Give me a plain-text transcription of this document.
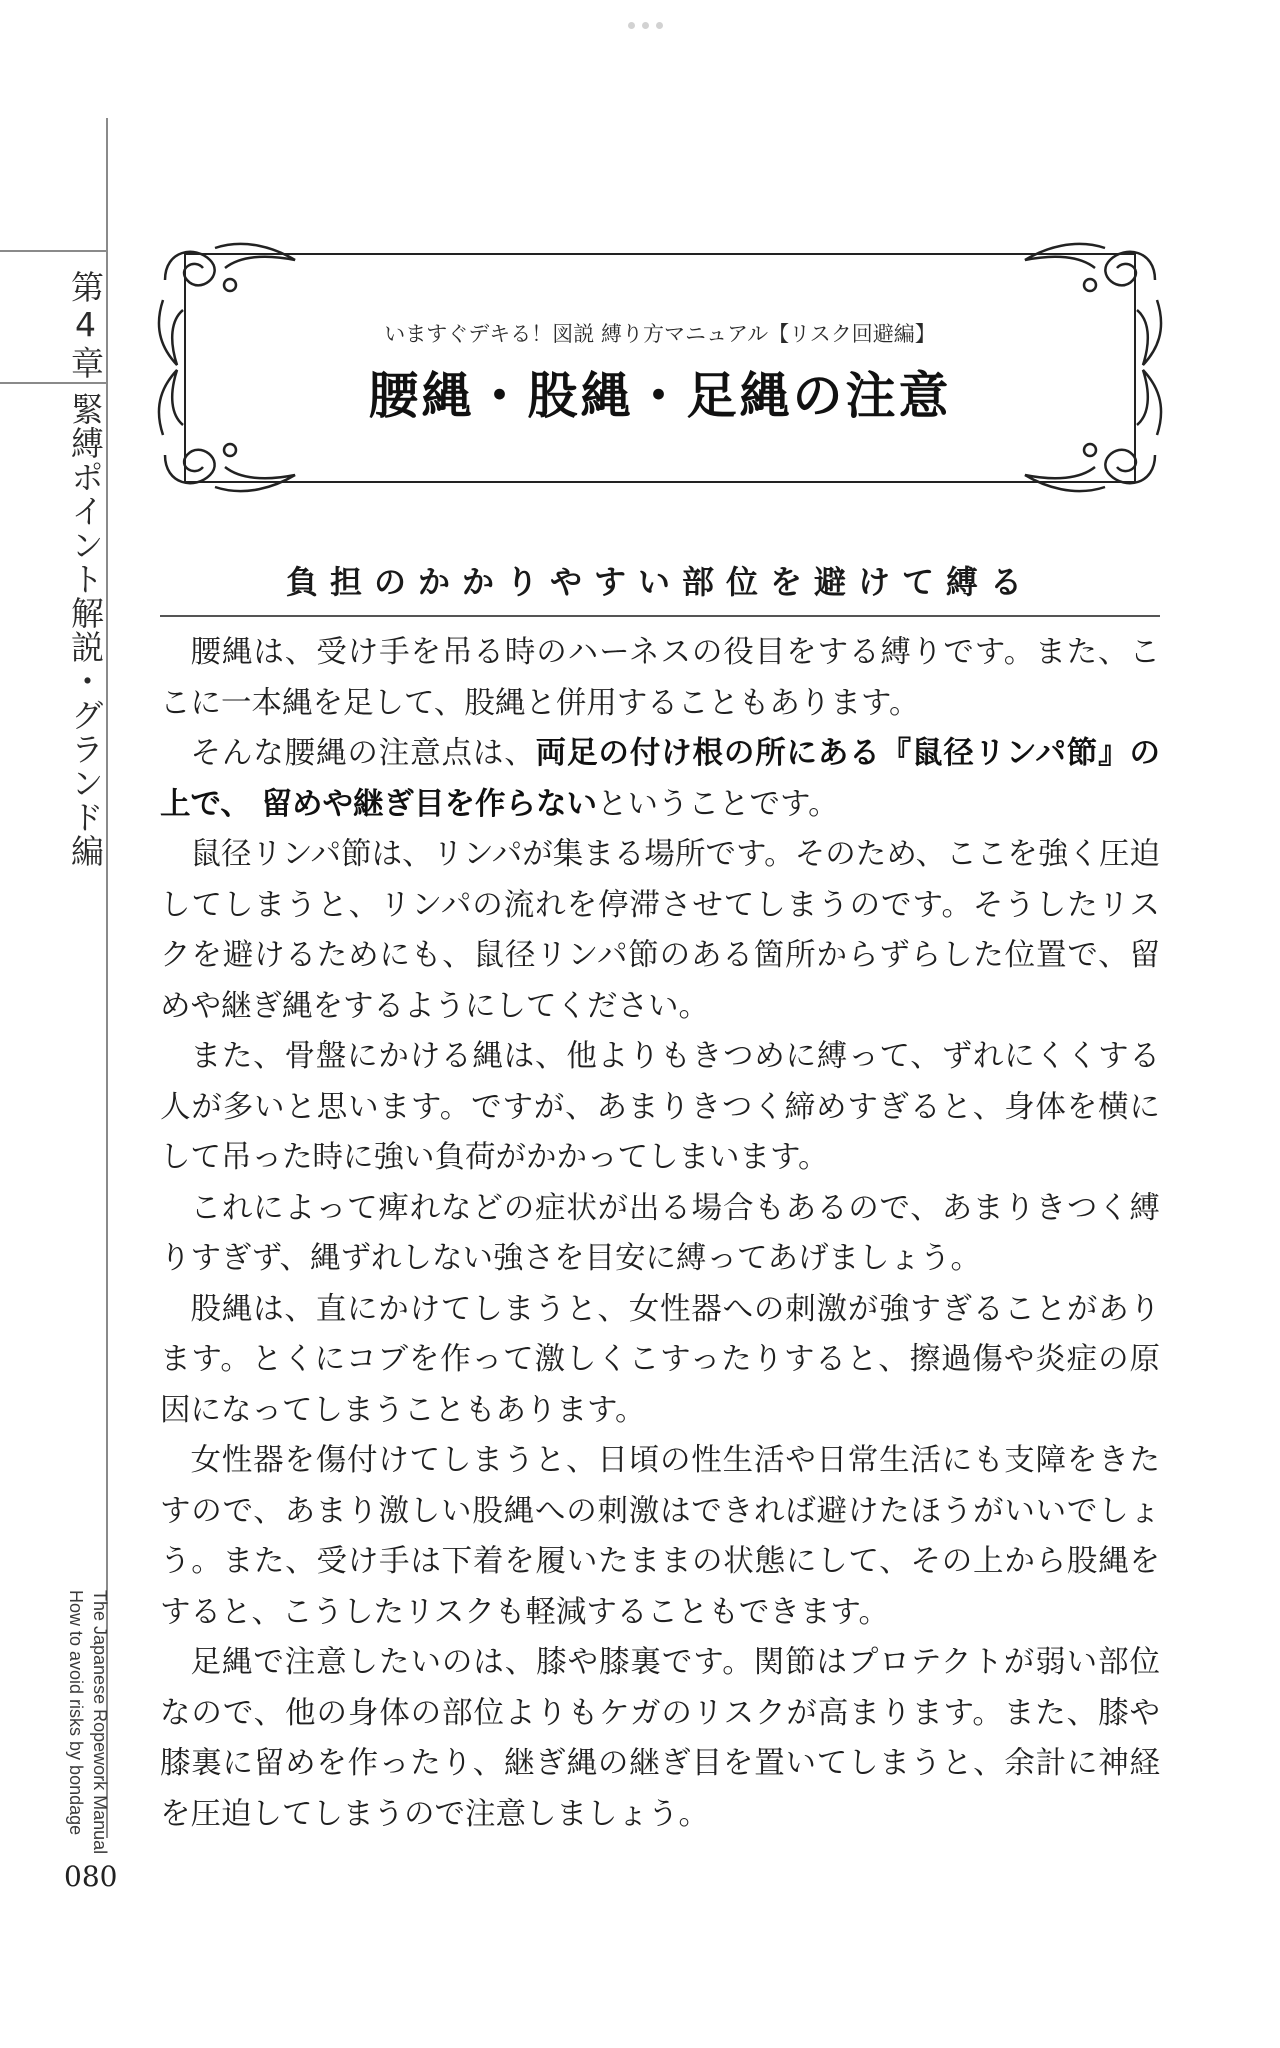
第4章
緊縛ポイント解説・グランド編
The Japanese Ropework Manual
How to avoid risks by bondage
いますぐデキる！図説 縛り方マニュアル【リスク回避編】
腰縄・股縄・足縄の注意
負担のかかりやすい部位を避けて縛る

腰縄は、受け手を吊る時のハーネスの役目をする縛りです。また、ここに一本縄を足して、股縄と併用することもあります。

そんな腰縄の注意点は、両足の付け根の所にある『鼠径リンパ節』の上で、 留めや継ぎ目を作らないということです。

鼠径リンパ節は、リンパが集まる場所です。そのため、ここを強く圧迫してしまうと、リンパの流れを停滞させてしまうのです。そうしたリスクを避けるためにも、鼠径リンパ節のある箇所からずらした位置で、留めや継ぎ縄をするようにしてください。

また、骨盤にかける縄は、他よりもきつめに縛って、ずれにくくする人が多いと思います。ですが、あまりきつく締めすぎると、身体を横にして吊った時に強い負荷がかかってしまいます。

これによって痺れなどの症状が出る場合もあるので、あまりきつく縛りすぎず、縄ずれしない強さを目安に縛ってあげましょう。

股縄は、直にかけてしまうと、女性器への刺激が強すぎることがあります。とくにコブを作って激しくこすったりすると、擦過傷や炎症の原因になってしまうこともあります。

女性器を傷付けてしまうと、日頃の性生活や日常生活にも支障をきたすので、あまり激しい股縄への刺激はできれば避けたほうがいいでしょう。また、受け手は下着を履いたままの状態にして、その上から股縄をすると、こうしたリスクも軽減することもできます。

足縄で注意したいのは、膝や膝裏です。関節はプロテクトが弱い部位なので、他の身体の部位よりもケガのリスクが高まります。また、膝や膝裏に留めを作ったり、継ぎ縄の継ぎ目を置いてしまうと、余計に神経を圧迫してしまうので注意しましょう。

080
